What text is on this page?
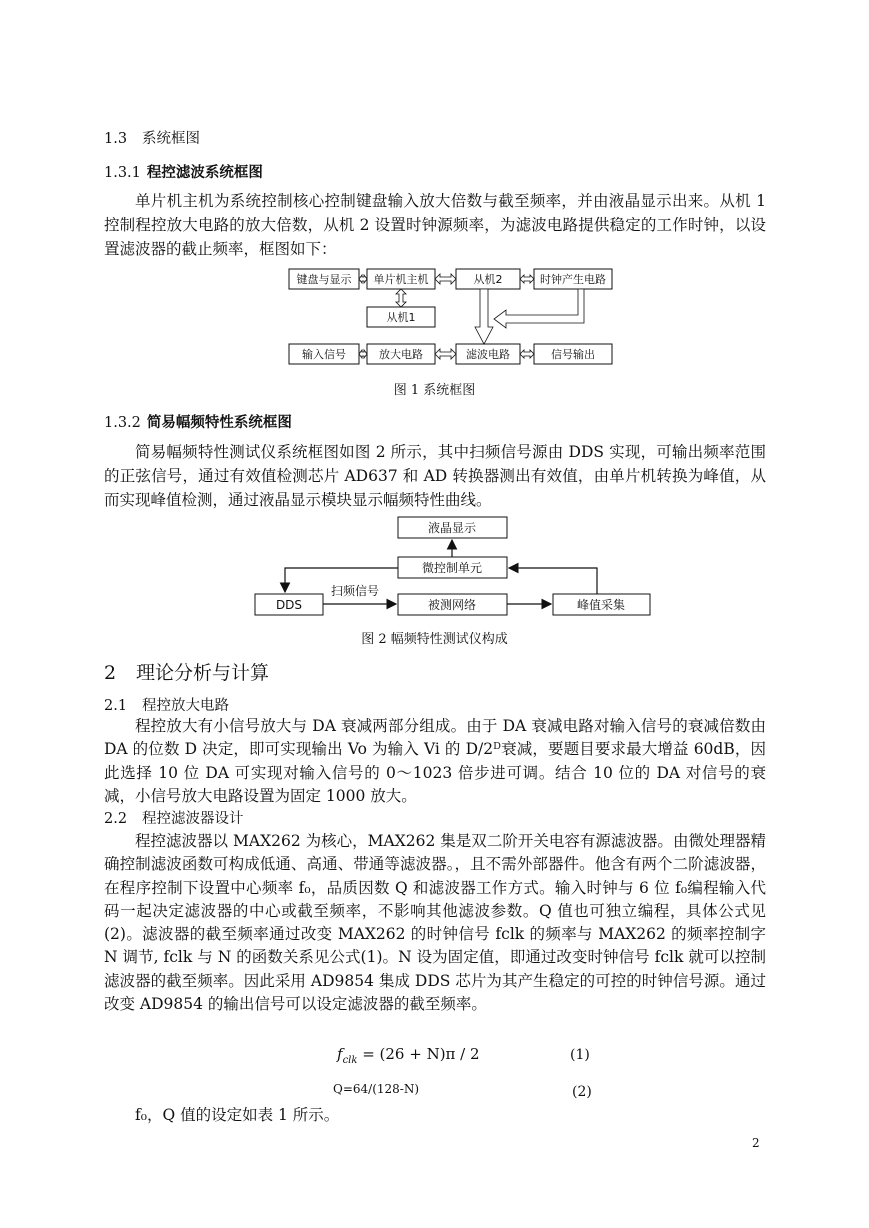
1.3 系统框图
1.3.1 程控滤波系统框图
单片机主机为系统控制核心控制键盘输入放大倍数与截至频率，并由液晶显示出来。从机 1 控制程控放大电路的放大倍数，从机 2 设置时钟源频率，为滤波电路提供稳定的工作时钟，以设置滤波器的截止频率，框图如下：
键盘与显示 单片机主机	从机2	时钟产生电路
从机1
输入信号	放大电路	滤波电路	信号输出
图 1 系统框图
1.3.2 简易幅频特性系统框图
简易幅频特性测试仪系统框图如图 2 所示，其中扫频信号源由 DDS 实现，可输出频率范围的正弦信号，通过有效值检测芯片 AD637 和 AD 转换器测出有效值，由单片机转换为峰值，从而实现峰值检测，通过液晶显示模块显示幅频特性曲线。
液晶显示
微控制单元
DDS	被测网络	峰值采集
扫频信号
图 2 幅频特性测试仪构成
2 理论分析与计算
2.1 程控放大电路
程控放大有小信号放大与 DA 衰减两部分组成。由于 DA 衰减电路对输入信号的衰减倍数由 DA 的位数 D 决定，即可实现输出 Vo 为输入 Vi 的 D/2ᴰ衰减，要题目要求最大增益 60dB，因此选择 10 位 DA 可实现对输入信号的 0～1023 倍步进可调。结合 10 位的 DA 对信号的衰减，小信号放大电路设置为固定 1000 放大。
2.2 程控滤波器设计
程控滤波器以 MAX262 为核心，MAX262 集是双二阶开关电容有源滤波器。由微处理器精确控制滤波函数可构成低通、高通、带通等滤波器。，且不需外部器件。他含有两个二阶滤波器，在程序控制下设置中心频率 f₀，品质因数 Q 和滤波器工作方式。输入时钟与 6 位 f₀编程输入代码一起决定滤波器的中心或截至频率，不影响其他滤波参数。Q 值也可独立编程，具体公式见(2)。滤波器的截至频率通过改变 MAX262 的时钟信号 fclk 的频率与 MAX262 的频率控制字 N 调节, fclk 与 N 的函数关系见公式(1)。N 设为固定值，即通过改变时钟信号 fclk 就可以控制滤波器的截至频率。因此采用 AD9854 集成 DDS 芯片为其产生稳定的可控的时钟信号源。通过改变 AD9854 的输出信号可以设定滤波器的截至频率。
$f_{clk} = (26 + N)\pi / 2$	(1)
Q=64/(128-N)	(2)
f₀，Q 值的设定如表 1 所示。
2
